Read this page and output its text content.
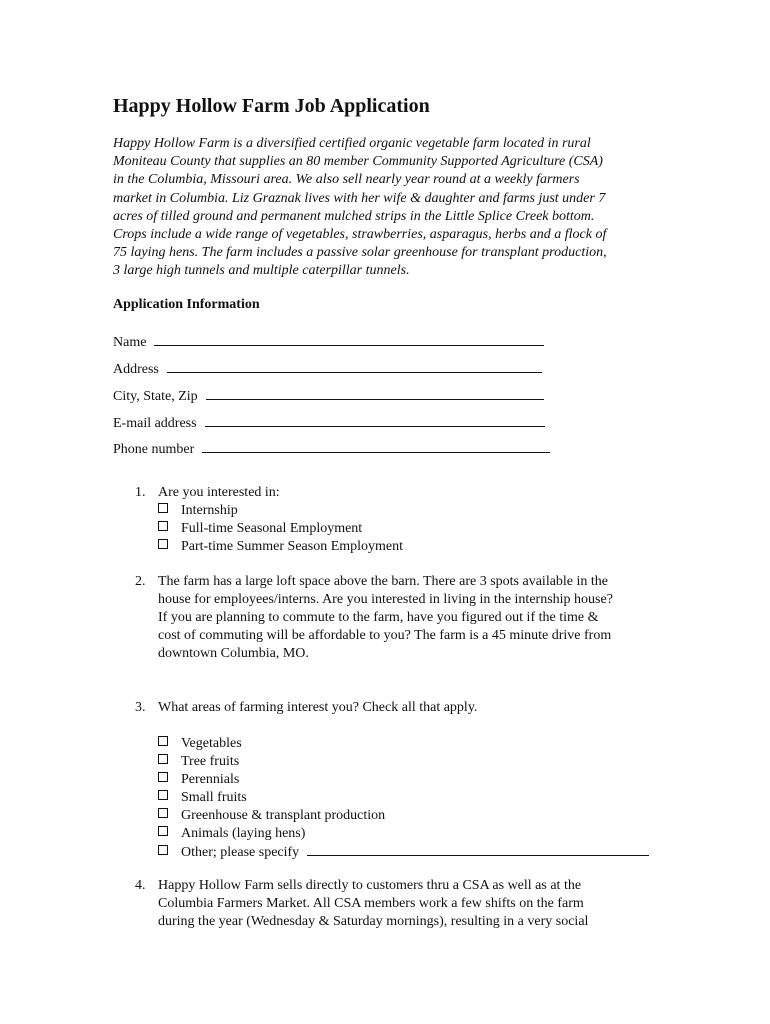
Happy Hollow Farm Job Application
Happy Hollow Farm is a diversified certified organic vegetable farm located in rural
Moniteau County that supplies an 80 member Community Supported Agriculture (CSA)
in the Columbia, Missouri area. We also sell nearly year round at a weekly farmers
market in Columbia. Liz Graznak lives with her wife & daughter and farms just under 7
acres of tilled ground and permanent mulched strips in the Little Splice Creek bottom.
Crops include a wide range of vegetables, strawberries, asparagus, herbs and a flock of
75 laying hens. The farm includes a passive solar greenhouse for transplant production,
3 large high tunnels and multiple caterpillar tunnels.
Application Information
Name
Address
City, State, Zip
E-mail address
Phone number
1. Are you interested in:
Internship
Full-time Seasonal Employment
Part-time Summer Season Employment
2. The farm has a large loft space above the barn. There are 3 spots available in the
house for employees/interns. Are you interested in living in the internship house?
If you are planning to commute to the farm, have you figured out if the time &
cost of commuting will be affordable to you? The farm is a 45 minute drive from
downtown Columbia, MO.
3. What areas of farming interest you? Check all that apply.
Vegetables
Tree fruits
Perennials
Small fruits
Greenhouse & transplant production
Animals (laying hens)
Other; please specify
4. Happy Hollow Farm sells directly to customers thru a CSA as well as at the
Columbia Farmers Market. All CSA members work a few shifts on the farm
during the year (Wednesday & Saturday mornings), resulting in a very social
